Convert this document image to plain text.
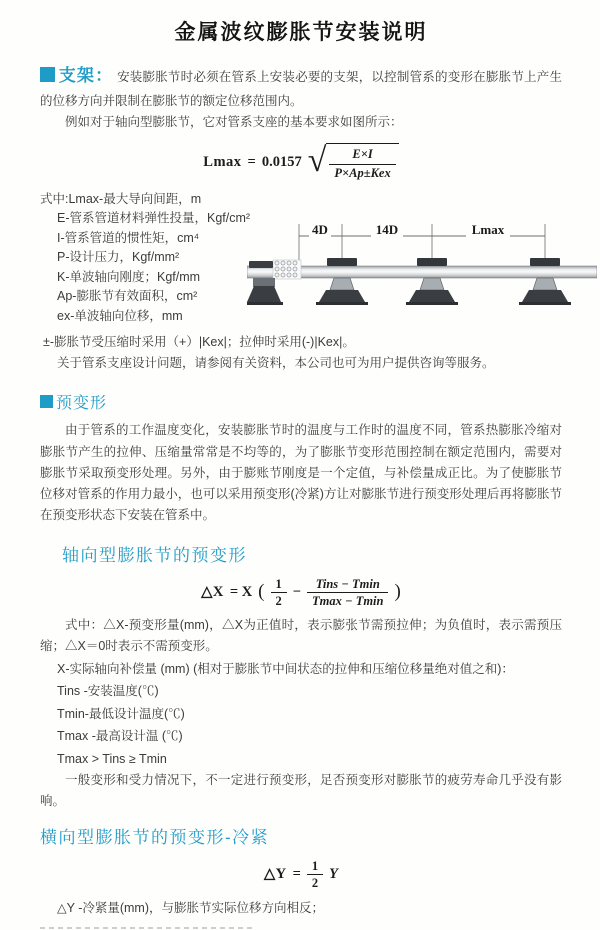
金属波纹膨胀节安装说明

支架： 安装膨胀节时必须在管系上安装必要的支架，以控制管系的变形在膨胀节上产生的位移方向并限制在膨胀节的额定位移范围内。

例如对于轴向型膨胀节，它对管系支座的基本要求如图所示：

Lmax = 0.0157 √ $\frac{E\times I}{\text{P×Ap±Kex}}$
式中:Lmax-最大导向间距，m
E-管系管道材料弹性投量，Kgf/cm²
I-管系管道的惯性矩，cm⁴
P-设计压力，Kgf/mm²
K-单波轴向刚度；Kgf/mm
Ap-膨胀节有效面积，cm²
ex-单波轴向位移，mm
4D	14D	Lmax
±-膨胀节受压缩时采用（+）|Kex|；拉伸时采用(-)|Kex|。
关于管系支座设计问题，请参阅有关资料，本公司也可为用户提供咨询等服务。
预变形

由于管系的工作温度变化，安装膨胀节时的温度与工作时的温度不同，管系热膨胀冷缩对膨胀节产生的拉伸、压缩量常常是不均等的，为了膨胀节变形范围控制在额定范围内，需要对膨胀节采取预变形处理。另外，由于膨账节刚度是一个定值，与补偿量成正比。为了使膨胀节位移对管系的作用力最小，也可以采用预变形(冷紧)方让对膨胀节进行预变形处理后再将膨胀节在预变形状态下安装在管系中。

轴向型膨胀节的预变形
△X = X ( $\frac{1}{2} - \frac{\text{Tins − Tmin}}{Tmax - Tmin}$ )

式中：△X-预变形量(mm)，△X为正值时，表示膨张节需预拉伸；为负值时，表示需预压缩；△X＝0时表示不需预变形。

X-实际轴向补偿量 (mm) (相对于膨胀节中间状态的拉伸和压缩位移量绝对值之和)：
Tins -安装温度(℃)
Tmin-最低设计温度(℃)
Tmax -最高设计温 (℃)
Tmax > Tins ≥ Tmin

一般变形和受力情况下，不一定进行预变形，足否预变形对膨胀节的疲劳寿命几乎没有影响。

横向型膨胀节的预变形-冷紧
△Y = $\frac{1}{2}$ Y
△Y -冷紧量(mm)，与膨胀节实际位移方向相反；
